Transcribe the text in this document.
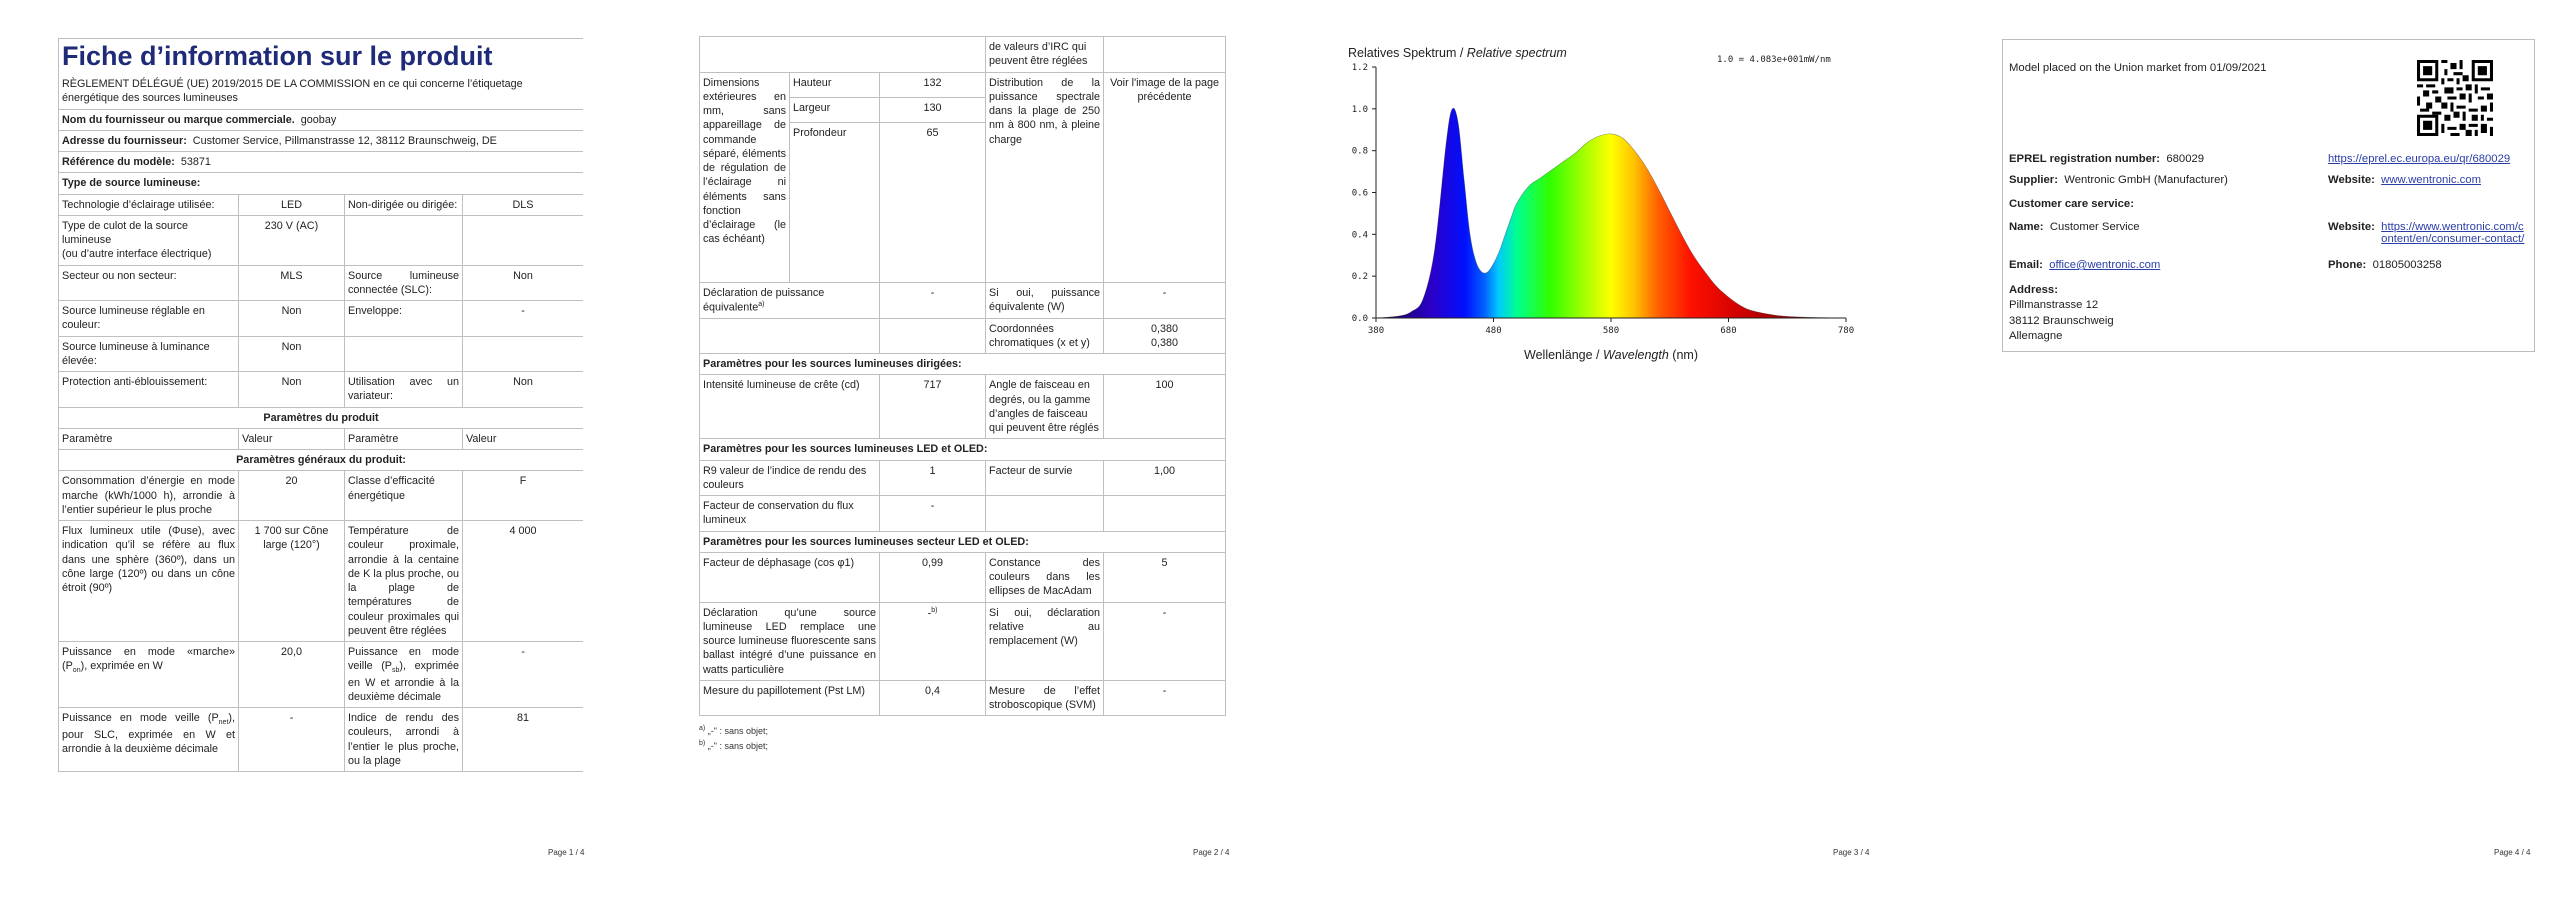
Fiche d’information sur le produit
RÈGLEMENT DÉLÉGUÉ (UE) 2019/2015 DE LA COMMISSION en ce qui concerne l’étiquetage énergétique des sources lumineuses			

Nom du fournisseur ou marque commerciale. goobay			
Adresse du fournisseur: Customer Service, Pillmanstrasse 12, 38112 Braunschweig, DE			
Référence du modèle: 53871			
Type de source lumineuse:			
Technologie d’éclairage utilisée:	LED	Non-dirigée ou dirigée:	DLS
Type de culot de la source lumineuse
(ou d’autre interface électrique)	230 V (AC)		
Secteur ou non secteur:	MLS	Source lumineuse connectée (SLC):	Non
Source lumineuse réglable en couleur:	Non	Enveloppe:	-
Source lumineuse à luminance élevée:	Non		
Protection anti-éblouissement:	Non	Utilisation avec un variateur:	Non
Paramètres du produit			
Paramètre	Valeur	Paramètre	Valeur
Paramètres généraux du produit:			
Consommation d’énergie en mode marche (kWh/1000 h), arrondie à l’entier supérieur le plus proche	20	Classe d’efficacité énergétique	F
Flux lumineux utile (Φuse), avec indication qu’il se réfère au flux dans une sphère (360º), dans un cône large (120º) ou dans un cône étroit (90º)	1 700 sur Cône large (120°)	Température de couleur proximale, arrondie à la centaine de K la plus proche, ou la plage de températures de couleur proximales qui peuvent être réglées	4 000
Puissance en mode «marche» $(P_{on})$, exprimée en W	20,0	Puissance en mode veille $(P_{sb})$, exprimée en W et arrondie à la deuxième décimale	-
Puissance en mode veille $(P_{net})$, pour SLC, exprimée en W et arrondie à la deuxième décimale	-	Indice de rendu des couleurs, arrondi à l’entier le plus proche, ou la plage	81
Page 1 / 4
			de valeurs d’IRC qui peuvent être réglées	
Dimensions extérieures en mm, sans appareillage de commande séparé, éléments de régulation de l’éclairage ni éléments sans fonction d’éclairage (le cas échéant)	Hauteur	132	Distribution de la puissance spectrale dans la plage de 250 nm à 800 nm, à pleine charge	Voir l'image de la page précédente
	Largeur	130		
	Profondeur	65		
Déclaration de puissance équivalente$^{a)}$		-	Si oui, puissance équivalente (W)	-
			Coordonnées chromatiques (x et y)	0,380
0,380
Paramètres pour les sources lumineuses dirigées:				
Intensité lumineuse de crête (cd)		717	Angle de faisceau en degrés, ou la gamme d’angles de faisceau qui peuvent être réglés	100
Paramètres pour les sources lumineuses LED et OLED:				
R9 valeur de l’indice de rendu des couleurs		1	Facteur de survie	1,00
Facteur de conservation du flux lumineux		-		
Paramètres pour les sources lumineuses secteur LED et OLED:				
Facteur de déphasage (cos φ1)		0,99	Constance des couleurs dans les ellipses de MacAdam	5
Déclaration qu’une source lumineuse LED remplace une source lumineuse fluorescente sans ballast intégré d’une puissance en watts particulière		-$^{b)}$	Si oui, déclaration relative au remplacement (W)	-
Mesure du papillotement (Pst LM)		0,4	Mesure de l’effet stroboscopique (SVM)	-
$^{a)}$ „-" : sans objet;
$^{b)}$ „-" : sans objet;
Page 2 / 4
Relatives Spektrum / Relative spectrum	1.0 = 4.083e+001mW/nm
0.0
0.2
0.4
0.6
0.8
1.0
1.2
380	480	580	680	780
Wellenlänge / Wavelength (nm)
Page 3 / 4
Model placed on the Union market from 01/09/2021
EPREL registration number: 680029	https://eprel.ec.europa.eu/qr/680029
Supplier: Wentronic GmbH (Manufacturer)	Website: www.wentronic.com
Customer care service:
Name: Customer Service	Website:
https://www.wentronic.com/content/en/consumer-contact/
Email: office@wentronic.com	Phone: 01805003258
Address:
Pillmanstrasse 12
38112 Braunschweig
Allemagne
Page 4 / 4
